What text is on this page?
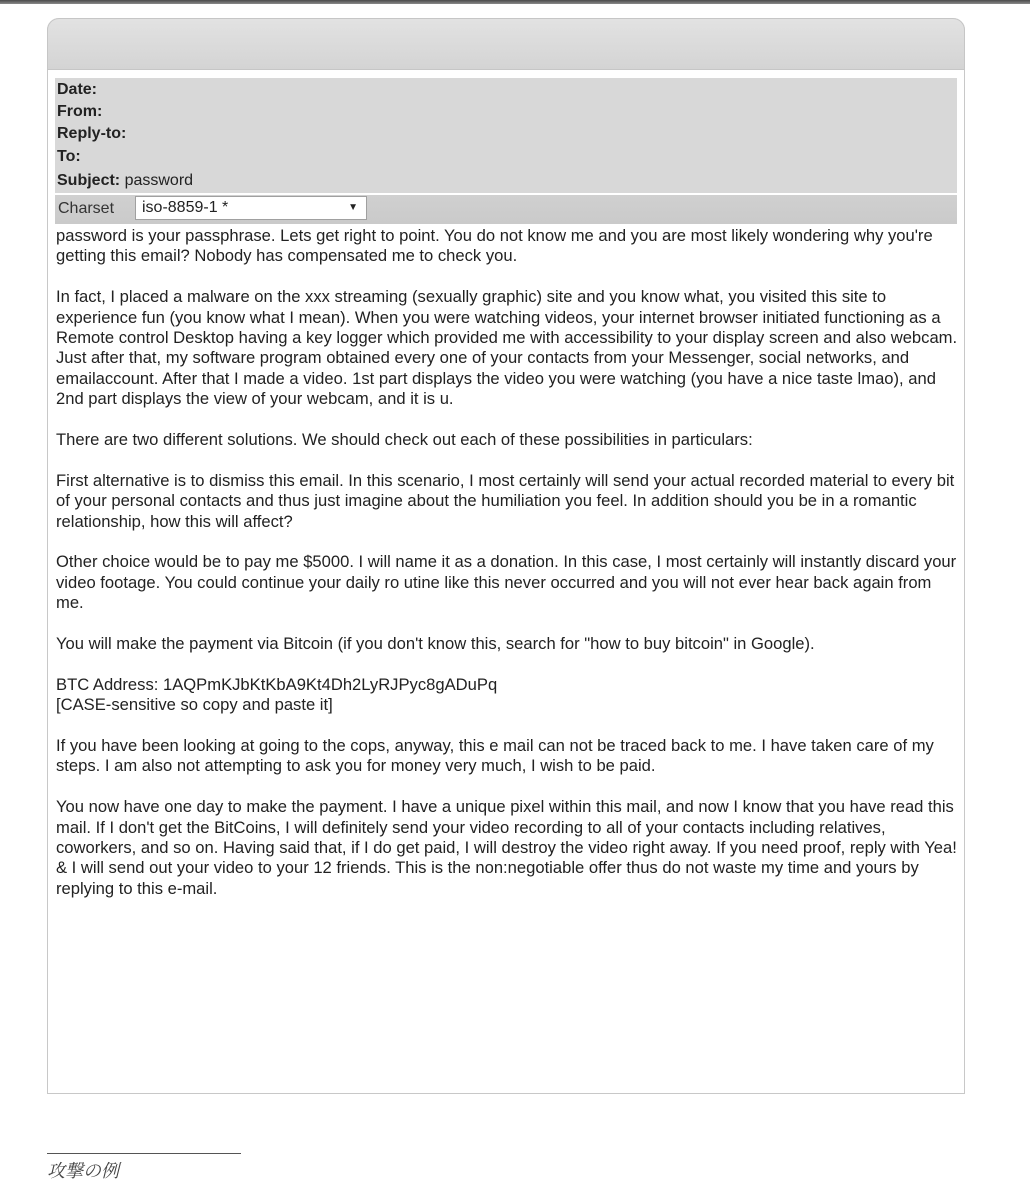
Date:
From:
Reply-to:
To:
Subject: password
Charset	iso-8859-1 *	▼

password is your passphrase. Lets get right to point. You do not know me and you are most likely wondering why you're getting this email? Nobody has compensated me to check you.

In fact, I placed a malware on the xxx streaming (sexually graphic) site and you know what, you visited this site to experience fun (you know what I mean). When you were watching videos, your internet browser initiated functioning as a Remote control Desktop having a key logger which provided me with accessibility to your display screen and also webcam. Just after that, my software program obtained every one of your contacts from your Messenger, social networks, and emailaccount. After that I made a video. 1st part displays the video you were watching (you have a nice taste lmao), and 2nd part displays the view of your webcam, and it is u.

There are two different solutions. We should check out each of these possibilities in particulars:

First alternative is to dismiss this email. In this scenario, I most certainly will send your actual recorded material to every bit of your personal contacts and thus just imagine about the humiliation you feel. In addition should you be in a romantic relationship, how this will affect?

Other choice would be to pay me $5000. I will name it as a donation. In this case, I most certainly will instantly discard your video footage. You could continue your daily ro utine like this never occurred and you will not ever hear back again from me.

You will make the payment via Bitcoin (if you don't know this, search for "how to buy bitcoin" in Google).

BTC Address: 1AQPmKJbKtKbA9Kt4Dh2LyRJPyc8gADuPq
[CASE-sensitive so copy and paste it]

If you have been looking at going to the cops, anyway, this e mail can not be traced back to me. I have taken care of my steps. I am also not attempting to ask you for money very much, I wish to be paid.

You now have one day to make the payment. I have a unique pixel within this mail, and now I know that you have read this mail. If I don't get the BitCoins, I will definitely send your video recording to all of your contacts including relatives, coworkers, and so on. Having said that, if I do get paid, I will destroy the video right away. If you need proof, reply with Yea! & I will send out your video to your 12 friends. This is the non:negotiable offer thus do not waste my time and yours by replying to this e-mail.

攻撃の例
